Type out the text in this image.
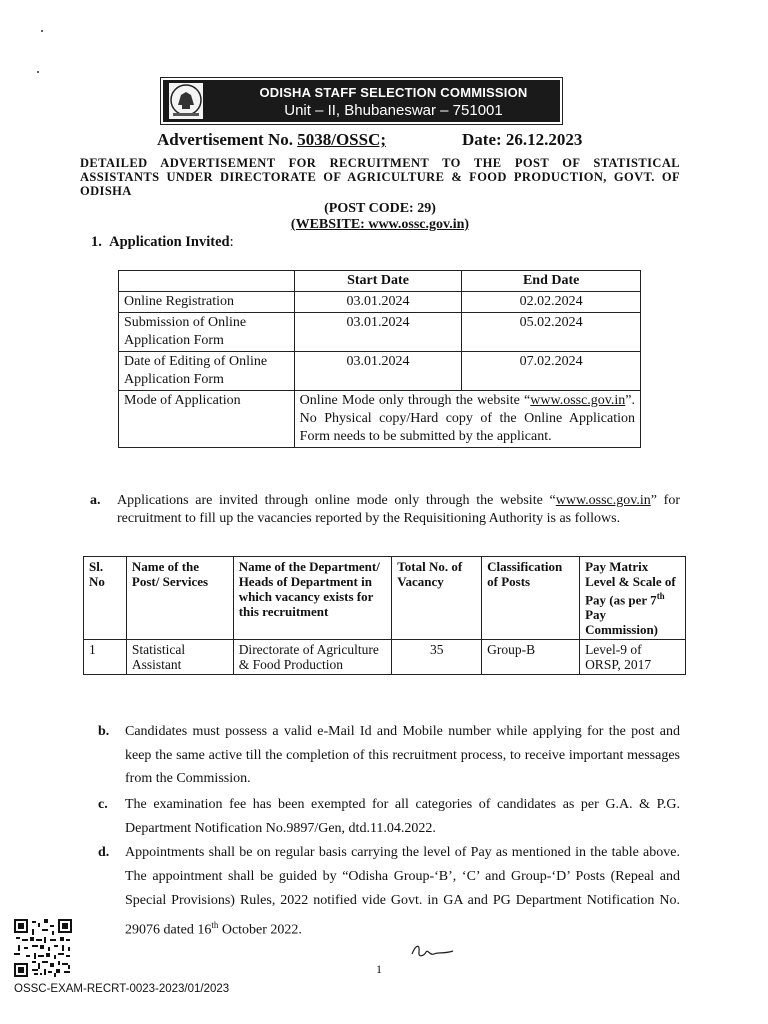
ODISHA STAFF SELECTION COMMISSION
Unit – II, Bhubaneswar – 751001
Advertisement No. 5038/OSSC;	Date: 26.12.2023
DETAILED ADVERTISEMENT FOR RECRUITMENT TO THE POST OF STATISTICAL ASSISTANTS UNDER DIRECTORATE OF AGRICULTURE & FOOD PRODUCTION, GOVT. OF ODISHA
(POST CODE: 29)
(WEBSITE: www.ossc.gov.in)
1. Application Invited:
	Start Date	End Date
Online Registration	03.01.2024	02.02.2024
Submission of Online Application Form	03.01.2024	05.02.2024
Date of Editing of Online Application Form	03.01.2024	07.02.2024
Mode of Application	Online Mode only through the website “www.ossc.gov.in”. No Physical copy/Hard copy of the Online Application Form needs to be submitted by the applicant.	
a. Applications are invited through online mode only through the website “www.ossc.gov.in” for recruitment to fill up the vacancies reported by the Requisitioning Authority is as follows.
Sl. No	Name of the Post/ Services	Name of the Department/ Heads of Department in which vacancy exists for this recruitment	Total No. of Vacancy	Classification of Posts	Pay Matrix Level & Scale of Pay (as per 7th Pay Commission)
1	Statistical Assistant	Directorate of Agriculture & Food Production	35	Group-B	Level-9 of ORSP, 2017
b. Candidates must possess a valid e-Mail Id and Mobile number while applying for the post and keep the same active till the completion of this recruitment process, to receive important messages from the Commission.
c. The examination fee has been exempted for all categories of candidates as per G.A. & P.G. Department Notification No.9897/Gen, dtd.11.04.2022.
d. Appointments shall be on regular basis carrying the level of Pay as mentioned in the table above. The appointment shall be guided by “Odisha Group-‘B’, ‘C’ and Group-‘D’ Posts (Repeal and Special Provisions) Rules, 2022 notified vide Govt. in GA and PG Department Notification No. 29076 dated 16th October 2022.
1
OSSC-EXAM-RECRT-0023-2023/01/2023
